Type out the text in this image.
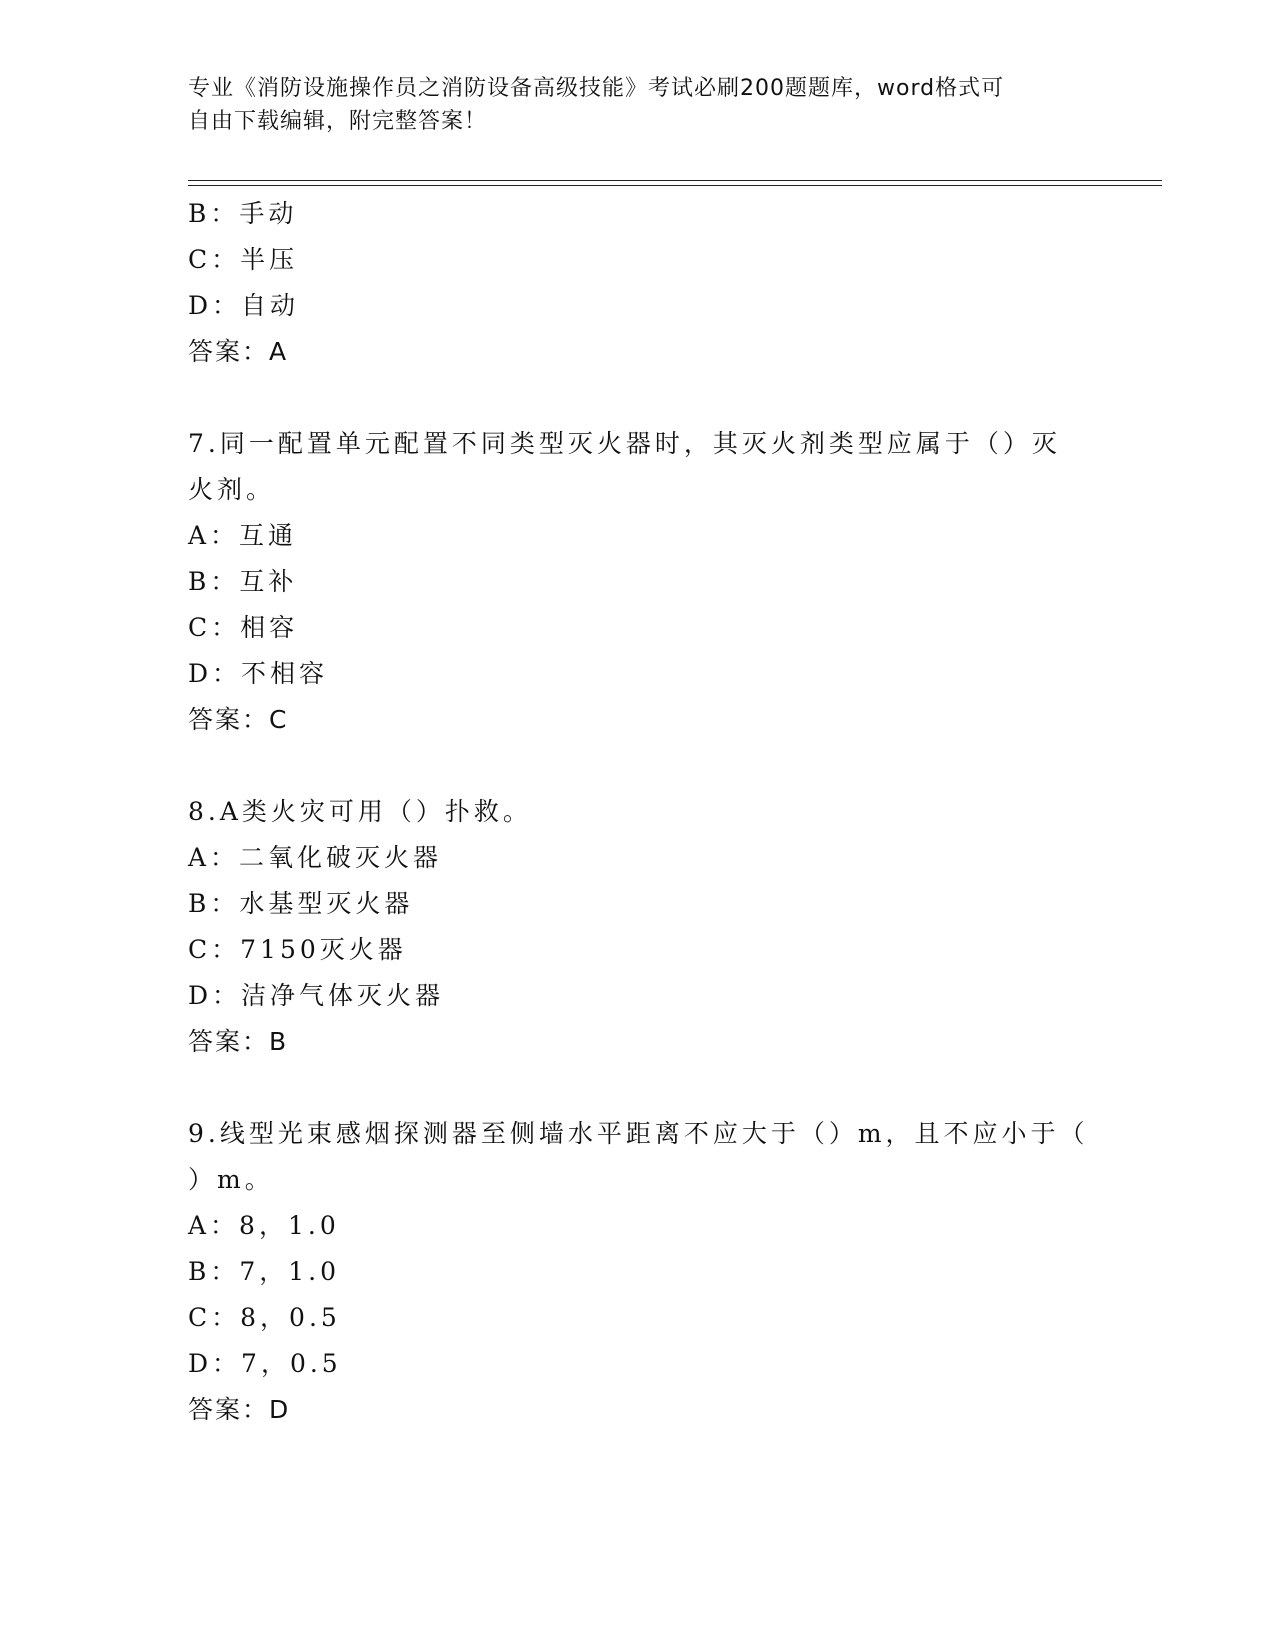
专业《消防设施操作员之消防设备高级技能》考试必刷200题题库，word格式可
自由下载编辑，附完整答案！
B：手动
C：半压
D：自动
答案：A
7.同一配置单元配置不同类型灭火器时，其灭火剂类型应属于（）灭
火剂。
A：互通
B：互补
C：相容
D：不相容
答案：C
8.A类火灾可用（）扑救。
A：二氧化破灭火器
B：水基型灭火器
C：7150灭火器
D：洁净气体灭火器
答案：B
9.线型光束感烟探测器至侧墙水平距离不应大于（）m，且不应小于（
）m。
A：8，1.0
B：7，1.0
C：8，0.5
D：7，0.5
答案：D
